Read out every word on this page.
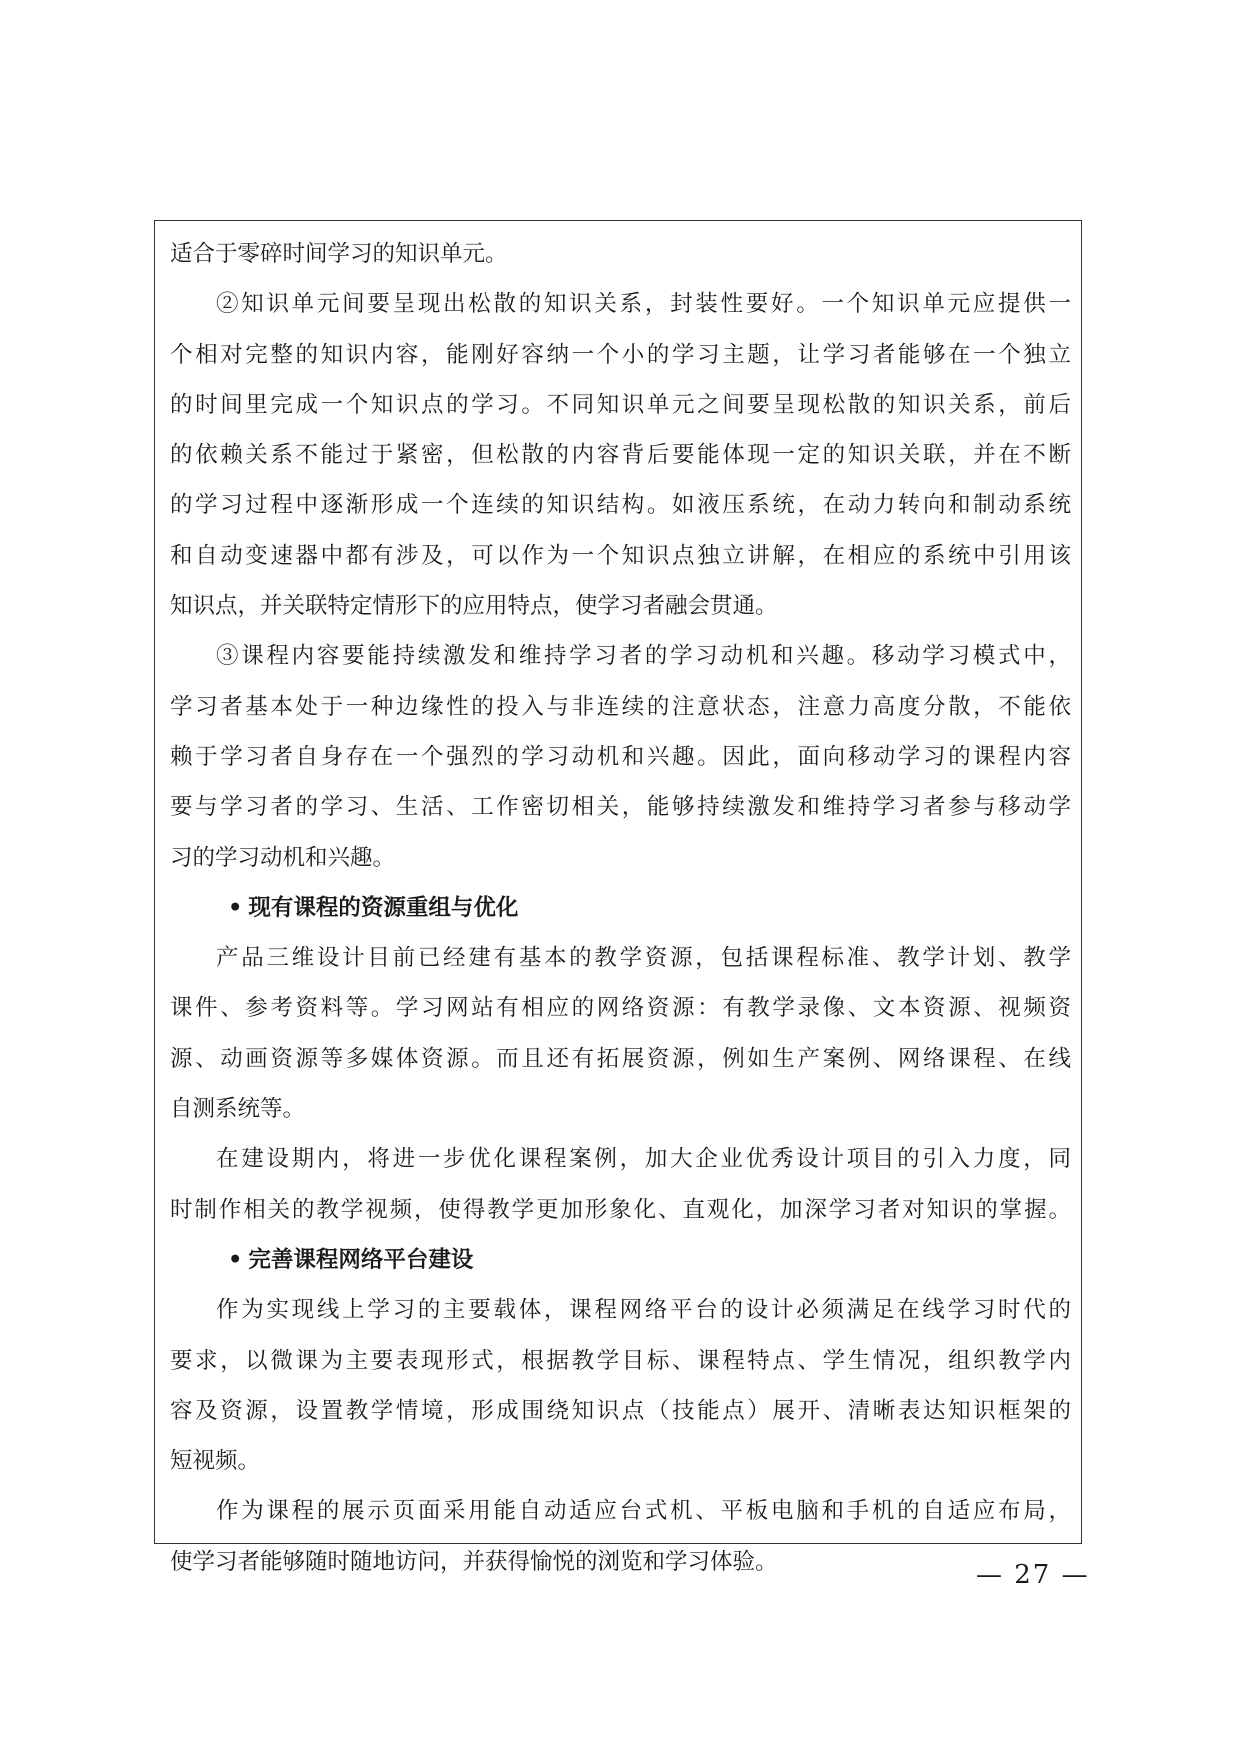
适合于零碎时间学习的知识单元。
②知识单元间要呈现出松散的知识关系，封装性要好。一个知识单元应提供一
个相对完整的知识内容，能刚好容纳一个小的学习主题，让学习者能够在一个独立
的时间里完成一个知识点的学习。不同知识单元之间要呈现松散的知识关系，前后
的依赖关系不能过于紧密，但松散的内容背后要能体现一定的知识关联，并在不断
的学习过程中逐渐形成一个连续的知识结构。如液压系统，在动力转向和制动系统
和自动变速器中都有涉及，可以作为一个知识点独立讲解，在相应的系统中引用该
知识点，并关联特定情形下的应用特点，使学习者融会贯通。
③课程内容要能持续激发和维持学习者的学习动机和兴趣。移动学习模式中，
学习者基本处于一种边缘性的投入与非连续的注意状态，注意力高度分散，不能依
赖于学习者自身存在一个强烈的学习动机和兴趣。因此，面向移动学习的课程内容
要与学习者的学习、生活、工作密切相关，能够持续激发和维持学习者参与移动学
习的学习动机和兴趣。
• 现有课程的资源重组与优化
产品三维设计目前已经建有基本的教学资源，包括课程标准、教学计划、教学
课件、参考资料等。学习网站有相应的网络资源：有教学录像、文本资源、视频资
源、动画资源等多媒体资源。而且还有拓展资源，例如生产案例、网络课程、在线
自测系统等。
在建设期内，将进一步优化课程案例，加大企业优秀设计项目的引入力度，同
时制作相关的教学视频，使得教学更加形象化、直观化，加深学习者对知识的掌握。
• 完善课程网络平台建设
作为实现线上学习的主要载体，课程网络平台的设计必须满足在线学习时代的
要求，以微课为主要表现形式，根据教学目标、课程特点、学生情况，组织教学内
容及资源，设置教学情境，形成围绕知识点（技能点）展开、清晰表达知识框架的
短视频。
作为课程的展示页面采用能自动适应台式机、平板电脑和手机的自适应布局，
使学习者能够随时随地访问，并获得愉悦的浏览和学习体验。	— 27 —
